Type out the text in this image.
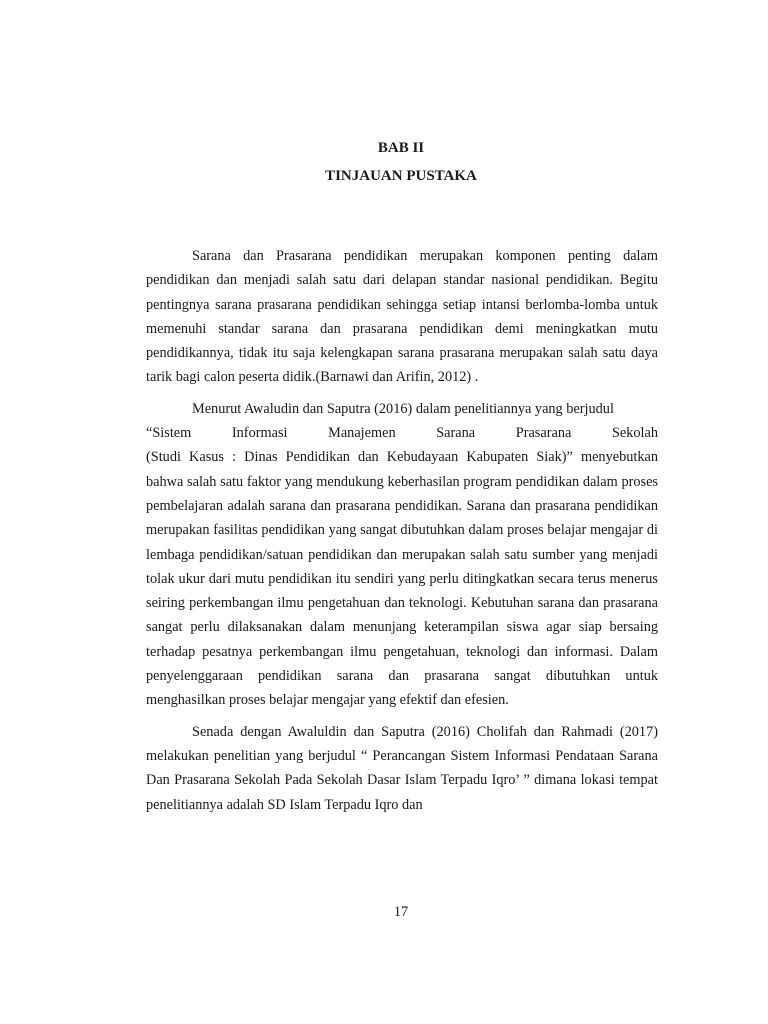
BAB II
TINJAUAN PUSTAKA

Sarana dan Prasarana pendidikan merupakan komponen penting dalam pendidikan dan menjadi salah satu dari delapan standar nasional pendidikan. Begitu pentingnya sarana prasarana pendidikan sehingga setiap intansi berlomba-lomba untuk memenuhi standar sarana dan prasarana pendidikan demi meningkatkan mutu pendidikannya, tidak itu saja kelengkapan sarana prasarana merupakan salah satu daya tarik bagi calon peserta didik.(Barnawi dan Arifin, 2012) .

Menurut Awaludin dan Saputra (2016) dalam penelitiannya yang berjudul
“Sistem Informasi Manajemen Sarana Prasarana Sekolah
(Studi Kasus : Dinas Pendidikan dan Kebudayaan Kabupaten Siak)” menyebutkan bahwa salah satu faktor yang mendukung keberhasilan program pendidikan dalam proses pembelajaran adalah sarana dan prasarana pendidikan. Sarana dan prasarana pendidikan merupakan fasilitas pendidikan yang sangat dibutuhkan dalam proses belajar mengajar di lembaga pendidikan/satuan pendidikan dan merupakan salah satu sumber yang menjadi tolak ukur dari mutu pendidikan itu sendiri yang perlu ditingkatkan secara terus menerus seiring perkembangan ilmu pengetahuan dan teknologi. Kebutuhan sarana dan prasarana sangat perlu dilaksanakan dalam menunjang keterampilan siswa agar siap bersaing terhadap pesatnya perkembangan ilmu pengetahuan, teknologi dan informasi. Dalam penyelenggaraan pendidikan sarana dan prasarana sangat dibutuhkan untuk menghasilkan proses belajar mengajar yang efektif dan efesien.

Senada dengan Awaluldin dan Saputra (2016) Cholifah dan Rahmadi (2017) melakukan penelitian yang berjudul “ Perancangan Sistem Informasi Pendataan Sarana Dan Prasarana Sekolah Pada Sekolah Dasar Islam Terpadu Iqro’ ” dimana lokasi tempat penelitiannya adalah SD Islam Terpadu Iqro dan

17
